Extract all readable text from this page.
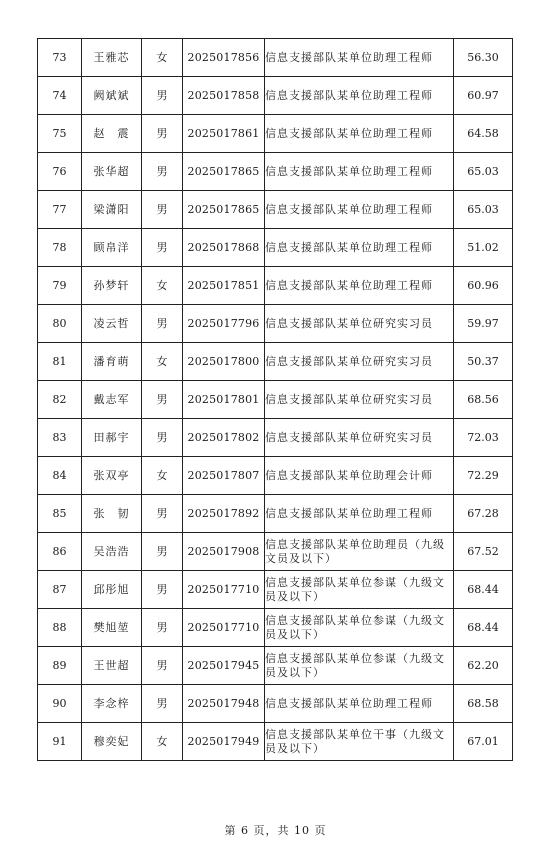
73	王雅芯	女	2025017856	信息支援部队某单位助理工程师	56.30
74	阙斌斌	男	2025017858	信息支援部队某单位助理工程师	60.97
75	赵　震	男	2025017861	信息支援部队某单位助理工程师	64.58
76	张华超	男	2025017865	信息支援部队某单位助理工程师	65.03
77	梁潇阳	男	2025017865	信息支援部队某单位助理工程师	65.03
78	顾帛洋	男	2025017868	信息支援部队某单位助理工程师	51.02
79	孙梦轩	女	2025017851	信息支援部队某单位助理工程师	60.96
80	凌云哲	男	2025017796	信息支援部队某单位研究实习员	59.97
81	潘育萌	女	2025017800	信息支援部队某单位研究实习员	50.37
82	戴志军	男	2025017801	信息支援部队某单位研究实习员	68.56
83	田郝宇	男	2025017802	信息支援部队某单位研究实习员	72.03
84	张双亭	女	2025017807	信息支援部队某单位助理会计师	72.29
85	张　韧	男	2025017892	信息支援部队某单位助理工程师	67.28
86	吴浩浩	男	2025017908	信息支援部队某单位助理员（九级文员及以下）	67.52
87	邱彤旭	男	2025017710	信息支援部队某单位参谋（九级文员及以下）	68.44
88	樊旭堃	男	2025017710	信息支援部队某单位参谋（九级文员及以下）	68.44
89	王世超	男	2025017945	信息支援部队某单位参谋（九级文员及以下）	62.20
90	李念梓	男	2025017948	信息支援部队某单位助理工程师	68.58
91	穆奕妃	女	2025017949	信息支援部队某单位干事（九级文员及以下）	67.01
第 6 页，共 10 页
